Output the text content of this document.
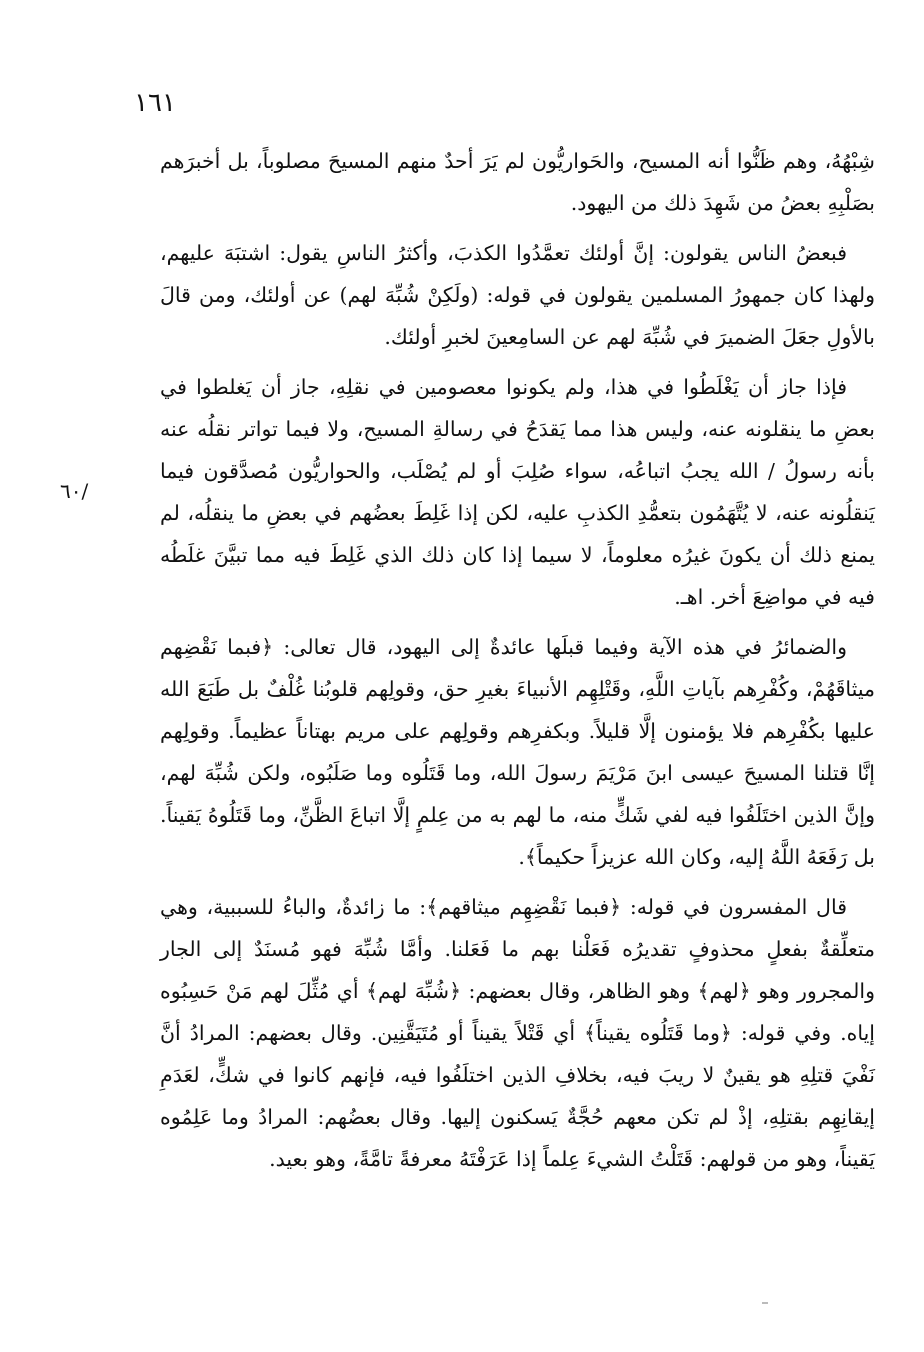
١٦١
/٦٠

شِبْهُهُ، وهم ظَنُّوا أنه المسيح، والحَواريُّون لم يَرَ أحدٌ منهم المسيحَ مصلوباً، بل أخبرَهم بصَلْبِهِ بعضُ من شَهِدَ ذلك من اليهود.

فبعضُ الناس يقولون: إنَّ أولئك تعمَّدُوا الكذبَ، وأكثرُ الناسِ يقول: اشتبَهَ عليهم، ولهذا كان جمهورُ المسلمين يقولون في قوله: (ولَكِنْ شُبِّهَ لهم) عن أولئك، ومن قالَ بالأولِ جعَلَ الضميرَ في شُبِّهَ لهم عن السامِعينَ لخبرِ أولئك.

فإذا جاز أن يَغْلَطُوا في هذا، ولم يكونوا معصومين في نقلِهِ، جاز أن يَغلطوا في بعضِ ما ينقلونه عنه، وليس هذا مما يَقدَحُ في رسالةِ المسيح، ولا فيما تواتر نقلُه عنه بأنه رسولُ / الله يجبُ اتباعُه، سواء صُلِبَ أو لم يُصْلَب، والحواريُّون مُصدَّقون فيما يَنقلُونه عنه، لا يُتَّهَمُون بتعمُّدِ الكذبِ عليه، لكن إذا غَلِطَ بعضُهم في بعضِ ما ينقلُه، لم يمنع ذلك أن يكونَ غيرُه معلوماً، لا سيما إذا كان ذلك الذي غَلِطَ فيه مما تبيَّنَ غلَطُه فيه في مواضِعَ أخر. اهـ.

والضمائرُ في هذه الآية وفيما قبلَها عائدةٌ إلى اليهود، قال تعالى: ﴿فبما نَقْضِهم ميثاقَهُمْ، وكُفْرِهم بآياتِ اللَّهِ، وقَتْلِهِم الأنبياءَ بغيرِ حق، وقولِهم قلوبُنا غُلْفٌ بل طَبَعَ الله عليها بكُفْرِهم فلا يؤمنون إلَّا قليلاً. وبكفرِهم وقولِهم على مريم بهتاناً عظيماً. وقولِهم إنَّا قتلنا المسيحَ عيسى ابنَ مَرْيَمَ رسولَ الله، وما قَتَلُوه وما صَلَبُوه، ولكن شُبِّهَ لهم، وإنَّ الذين اختَلَفُوا فيه لفي شَكٍّ منه، ما لهم به من عِلمٍ إلَّا اتباعَ الظَّنِّ، وما قَتَلُوهُ يَقيناً. بل رَفَعَهُ اللَّهُ إليه، وكان الله عزيزاً حكيماً﴾.

قال المفسرون في قوله: ﴿فبما نَقْضِهِم ميثاقهم﴾: ما زائدةٌ، والباءُ للسببية، وهي متعلِّقةٌ بفعلٍ محذوفٍ تقديرُه فَعَلْنا بهم ما فَعَلنا. وأمَّا شُبِّهَ فهو مُسنَدٌ إلى الجار والمجرور وهو ﴿لهم﴾ وهو الظاهر، وقال بعضهم: ﴿شُبِّهَ لهم﴾ أي مُثِّلَ لهم مَنْ حَسِبُوه إياه. وفي قوله: ﴿وما قَتَلُوه يقيناً﴾ أي قَتْلاً يقيناً أو مُتَيَقَّنِين. وقال بعضهم: المرادُ أنَّ نَفْيَ قتلِهِ هو يقينٌ لا ريبَ فيه، بخلافِ الذين اختلَفُوا فيه، فإنهم كانوا في شكٍّ، لعَدَمِ إيقانِهِم بقتلِهِ، إذْ لم تكن معهم حُجَّةٌ يَسكنون إليها. وقال بعضُهم: المرادُ وما عَلِمُوه يَقيناً، وهو من قولهم: قَتَلْتُ الشيءَ عِلماً إذا عَرَفْتَهُ معرفةً تامَّةً، وهو بعيد.
